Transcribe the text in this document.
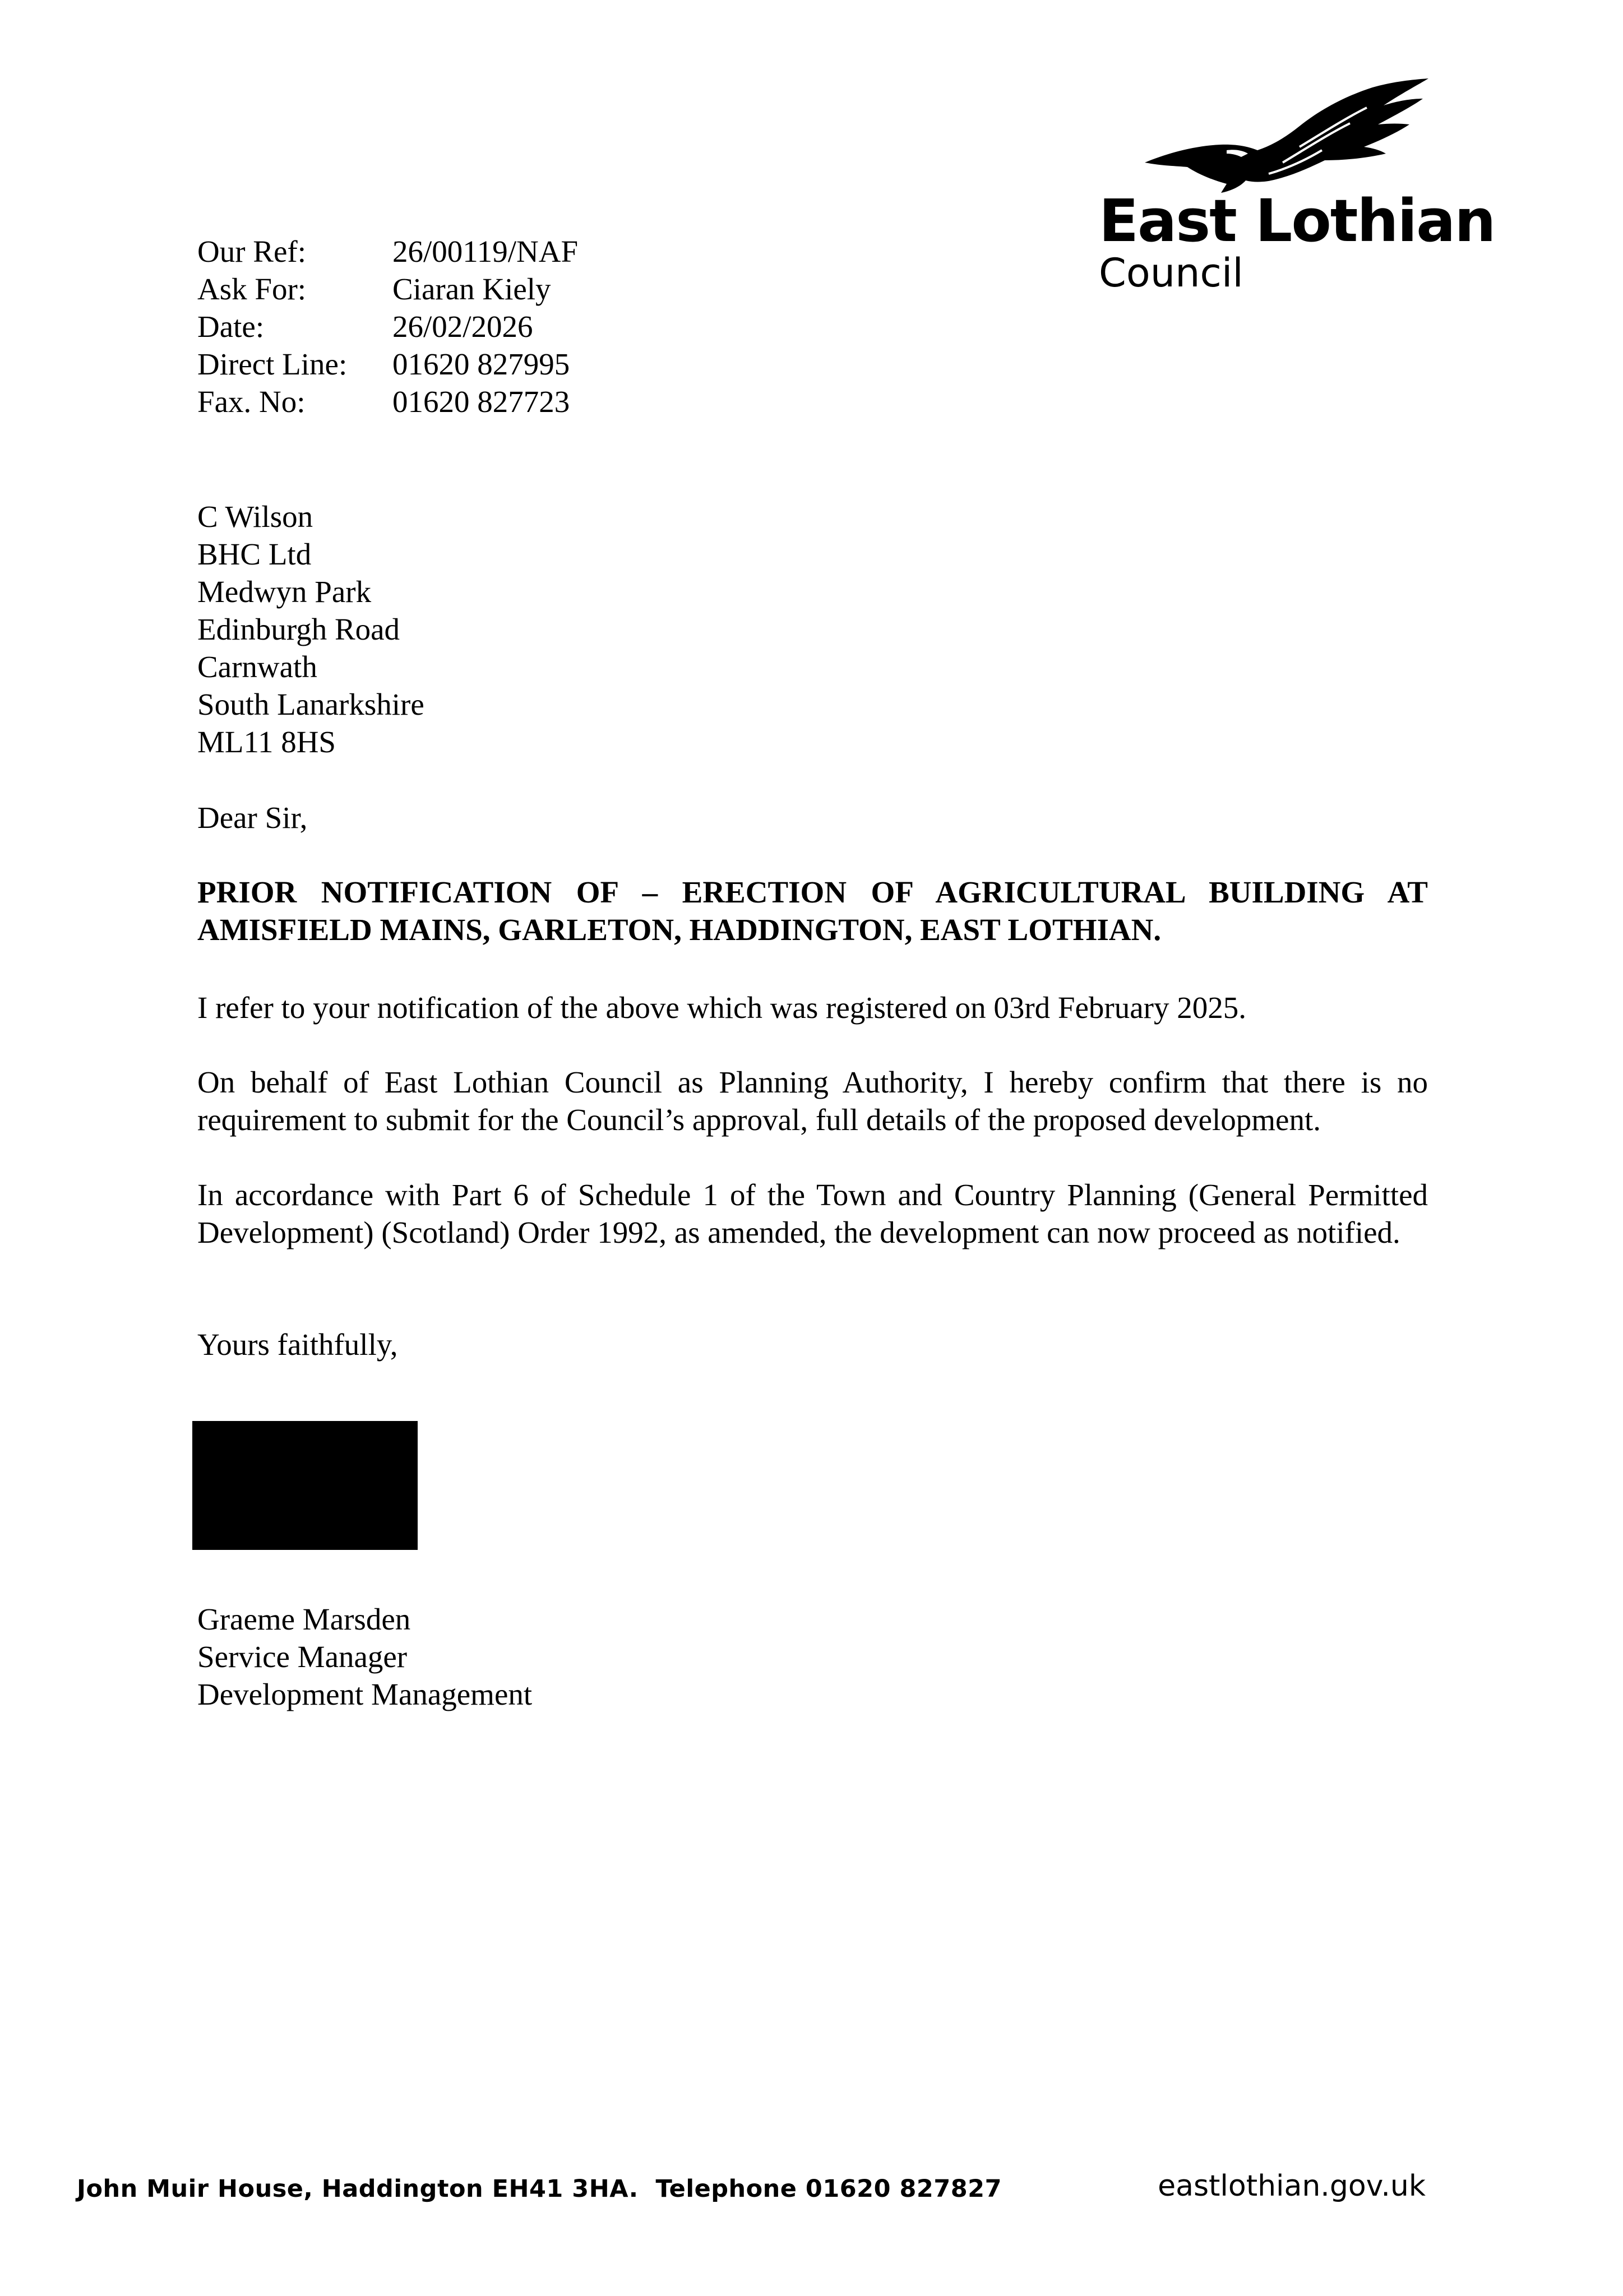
Our Ref:	26/00119/NAF
Ask For:	Ciaran Kiely
Date:	26/02/2026
Direct Line:	01620 827995
Fax. No:	01620 827723
East Lothian
Council
C Wilson
BHC Ltd
Medwyn Park
Edinburgh Road
Carnwath
South Lanarkshire
ML11 8HS
Dear Sir,
PRIOR NOTIFICATION OF – ERECTION OF AGRICULTURAL BUILDING AT
AMISFIELD MAINS, GARLETON, HADDINGTON, EAST LOTHIAN.
I refer to your notification of the above which was registered on 03rd February 2025.
On behalf of East Lothian Council as Planning Authority, I hereby confirm that there is no requirement to submit for the Council’s approval, full details of the proposed development.
In accordance with Part 6 of Schedule 1 of the Town and Country Planning (General Permitted Development) (Scotland) Order 1992, as amended, the development can now proceed as notified.
Yours faithfully,
Graeme Marsden
Service Manager
Development Management
John Muir House, Haddington EH41 3HA.  Telephone 01620 827827	eastlothian.gov.uk
